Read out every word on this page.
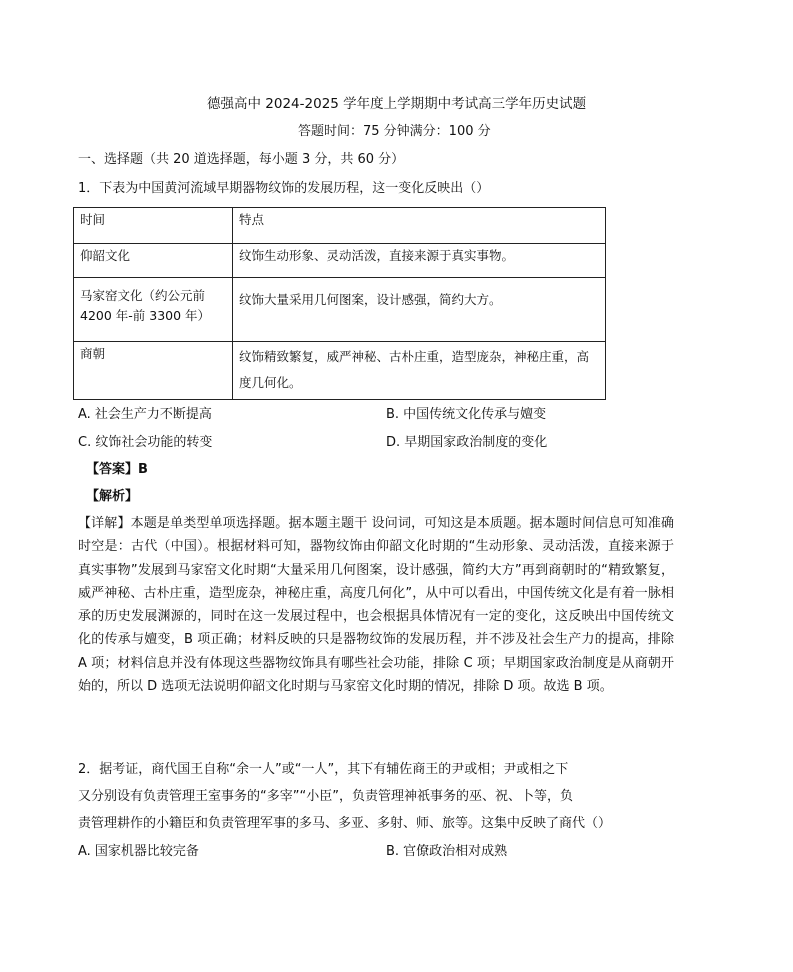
德强高中 2024-2025 学年度上学期期中考试高三学年历史试题
答题时间：75 分钟满分：100 分
一、选择题（共 20 道选择题，每小题 3 分，共 60 分）
1．下表为中国黄河流域早期器物纹饰的发展历程，这一变化反映出（）
时间	特点
仰韶文化	纹饰生动形象、灵动活泼，直接来源于真实事物。
马家窑文化（约公元前4200 年-前 3300 年）	纹饰大量采用几何图案，设计感强，简约大方。
商朝	纹饰精致繁复，威严神秘、古朴庄重，造型庞杂，神秘庄重，高度几何化。
A. 社会生产力不断提高	B. 中国传统文化传承与嬗变
C. 纹饰社会功能的转变	D. 早期国家政治制度的变化
【答案】B
【解析】
【详解】本题是单类型单项选择题。据本题主题干 设问词，可知这是本质题。据本题时间信息可知准确时空是：古代（中国）。根据材料可知，器物纹饰由仰韶文化时期的“生动形象、灵动活泼，直接来源于真实事物”发展到马家窑文化时期“大量采用几何图案，设计感强，简约大方”再到商朝时的“精致繁复，威严神秘、古朴庄重，造型庞杂，神秘庄重，高度几何化”，从中可以看出，中国传统文化是有着一脉相承的历史发展渊源的，同时在这一发展过程中，也会根据具体情况有一定的变化，这反映出中国传统文化的传承与嬗变，B 项正确；材料反映的只是器物纹饰的发展历程，并不涉及社会生产力的提高，排除 A 项；材料信息并没有体现这些器物纹饰具有哪些社会功能，排除 C 项；早期国家政治制度是从商朝开始的，所以 D 选项无法说明仰韶文化时期与马家窑文化时期的情况，排除 D 项。故选 B 项。
2．据考证，商代国王自称“余一人”或“一人”，其下有辅佐商王的尹或相；尹或相之下
又分别设有负责管理王室事务的“多宰”“小臣”，负责管理神祇事务的巫、祝、卜等，负
责管理耕作的小籍臣和负责管理军事的多马、多亚、多射、师、旅等。这集中反映了商代（）
A. 国家机器比较完备	B. 官僚政治相对成熟
